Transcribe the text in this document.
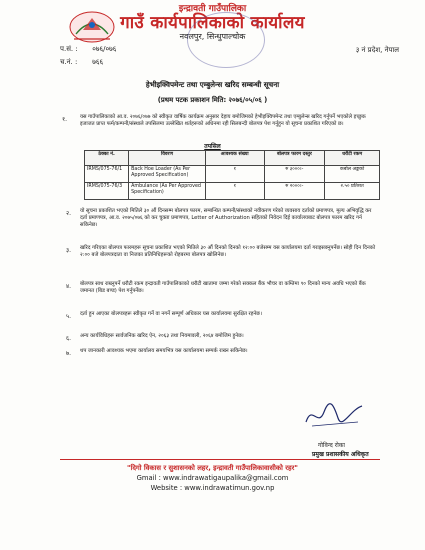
इन्द्रावती गाउँपालिका
गाउँ कार्यपालिकाको कार्यालय
नवलपुर, सिन्धुपाल्चोक
प.सं. : ०७६/०७६
च.नं. : ७६६
३ नं प्रदेश, नेपाल
हेभीइक्विपमेन्ट तथा एम्बुलेन्स खरिद सम्बन्धी सूचना
(प्रथम पटक प्रकाशन मिति: २०७६/०५/०६ )
१. यस गाउँपालिकाको आ.व. २०७६/०७७ को स्वीकृत वार्षिक कार्यक्रम अनुसार देहाय बमोजिमको हेभीइक्विपमेन्ट तथा एम्बुलेन्स खरिद गर्नुपर्ने भएकोले इच्छुक इजाजत प्राप्त फर्म/कम्पनी/संस्थाले तपसिलमा उल्लेखित शर्तहरूको अधिनमा रही सिलबन्दी बोलपत्र पेश गर्नुहुन यो सूचना प्रकाशित गरिएको छ।
तपसिल
ठेक्का नं.	विवरण	आवश्यक संख्या	बोलपत्र फारम दस्तुर	धरौटी रकम
IRMS/075-76/1	Back Hoe Loader (As Per Approved Specification)	१	रु ३०००।-	कबोल अङ्कको
IRMS/075-76/3	Ambulance (As Per Approved Specification)	१	रु २०००।-	२.५० प्रतिशत
२. यो सूचना प्रकाशित भएको मितिले ३० औं दिनसम्म बोलपत्र फारम, सम्बन्धित कम्पनी/संस्थाको नवीकरण गरेको व्यवसाय दर्ताको प्रमाणपत्र, मूल्य अभिवृद्धि कर दर्ता प्रमाणपत्र, आ.व. २०७५/०७६ को कर चुक्ता प्रमाणपत्र, Letter of Authorization सहितको निवेदन दिई कार्यालयबाट बोलपत्र फारम खरिद गर्न सकिनेछ।
३. खरिद गरिएका बोलपत्र फारमहरू सूचना प्रकाशित भएको मितिले ३० औं दिनको दिनको १२:०० बजेसम्म यस कार्यालयमा दर्ता गराइसक्नुपर्नेछ। सोही दिन दिनको २:०० बजे बोलपत्रदाता वा निजका प्रतिनिधिहरूको रोहबरमा बोलपत्र खोलिनेछ।
४. बोलपत्र साथ राख्नुपर्ने धरौटी रकम इन्द्रावती गाउँपालिकाको धरौटी खातामा जम्मा गरेको सक्कल बैंक भौचर वा कम्तिमा ९० दिनको मान्य अवधि भएको बैंक जमानत (बिड बण्ड) पेश गर्नुपर्नेछ।
५. दर्ता हुन आएका बोलपत्रहरू स्वीकृत गर्ने वा नगर्ने सम्पूर्ण अधिकार यस कार्यालयमा सुरक्षित रहनेछ।
६. अन्य कार्यविधिहरू सार्वजनिक खरिद ऐन, २०६३ तथा नियमावली, २०६४ बमोजिम हुनेछ।
७. थप जानकारी आवश्यक भएमा कार्यालय समयभित्र यस कार्यालयमा सम्पर्क राख्न सकिनेछ।
गोविन्द रोका
प्रमुख प्रशासकीय अधिकृत
"दिगो विकास र सुशासनको लहर, इन्द्रावती गाउँपालिकावासीको रहर"
Gmail : www.indrawatigaupalika@gmail.com
Website : www.indrawatimun.gov.np
